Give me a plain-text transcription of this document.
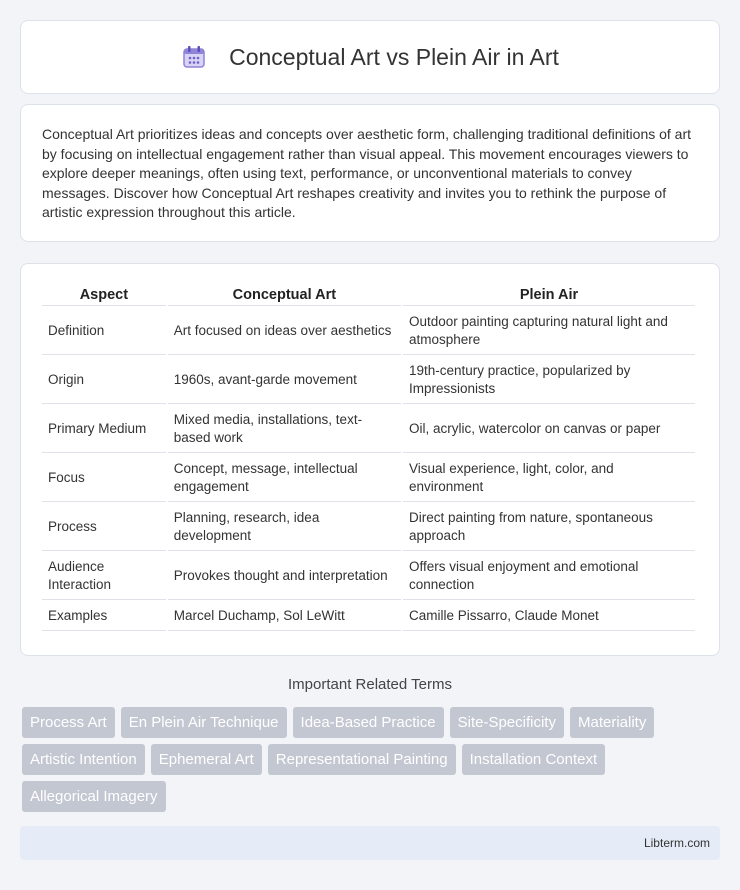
Conceptual Art vs Plein Air in Art

Conceptual Art prioritizes ideas and concepts over aesthetic form, challenging traditional definitions of art by focusing on intellectual engagement rather than visual appeal. This movement encourages viewers to explore deeper meanings, often using text, performance, or unconventional materials to convey messages. Discover how Conceptual Art reshapes creativity and invites you to rethink the purpose of artistic expression throughout this article.

Aspect	Conceptual Art	Plein Air
Definition	Art focused on ideas over aesthetics	Outdoor painting capturing natural light and atmosphere
Origin	1960s, avant-garde movement	19th-century practice, popularized by Impressionists
Primary Medium	Mixed media, installations, text-based work	Oil, acrylic, watercolor on canvas or paper
Focus	Concept, message, intellectual engagement	Visual experience, light, color, and environment
Process	Planning, research, idea development	Direct painting from nature, spontaneous approach
Audience Interaction	Provokes thought and interpretation	Offers visual enjoyment and emotional connection
Examples	Marcel Duchamp, Sol LeWitt	Camille Pissarro, Claude Monet
Important Related Terms
Process Art	En Plein Air Technique	Idea-Based Practice	Site-Specificity	Materiality
Artistic Intention	Ephemeral Art	Representational Painting	Installation Context
Allegorical Imagery
Libterm.com
